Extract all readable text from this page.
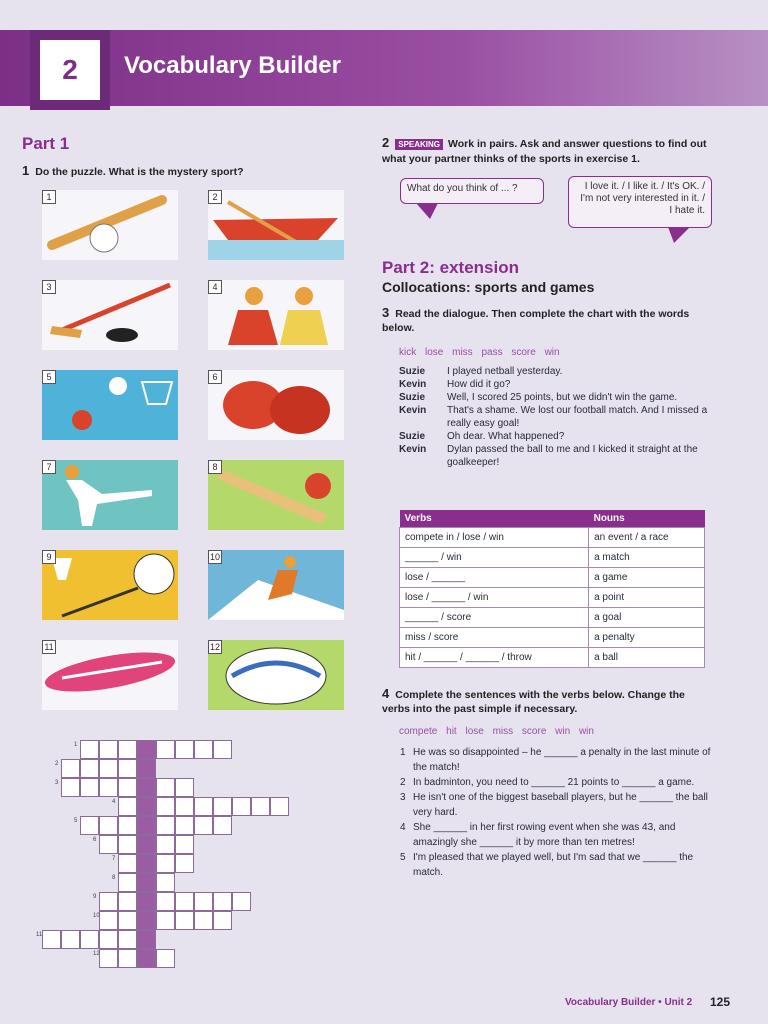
2	Vocabulary Builder
Part 1
1 Do the puzzle. What is the mystery sport?
1	2
3	4
5	6
7	8
9	10
11	12
1
2
3
4
5
6
7
8
9
10
11
12
2 SPEAKING Work in pairs. Ask and answer questions to find out what your partner thinks of the sports in exercise 1.
What do you think of ... ?	I love it. / I like it. / It's OK. / I'm not very interested in it. / I hate it.
Part 2: extension
Collocations: sports and games
3 Read the dialogue. Then complete the chart with the words below.
kick lose miss pass score win
Suzie	I played netball yesterday.
Kevin	How did it go?
Suzie	Well, I scored 25 points, but we didn't win the game.
Kevin	That's a shame. We lost our football match. And I missed a really easy goal!
Suzie	Oh dear. What happened?
Kevin	Dylan passed the ball to me and I kicked it straight at the goalkeeper!
Verbs	Nouns
compete in / lose / win	an event / a race
______ / win	a match
lose / ______	a game
lose / ______ / win	a point
______ / score	a goal
miss / score	a penalty
hit / ______ / ______ / throw	a ball
4 Complete the sentences with the verbs below. Change the verbs into the past simple if necessary.
compete hit lose miss score win win
1 He was so disappointed – he ______ a penalty in the last minute of the match!
2 In badminton, you need to ______ 21 points to ______ a game.
3 He isn't one of the biggest baseball players, but he ______ the ball very hard.
4 She ______ in her first rowing event when she was 43, and amazingly she ______ it by more than ten metres!
5 I'm pleased that we played well, but I'm sad that we ______ the match.
Vocabulary Builder • Unit 2 125
